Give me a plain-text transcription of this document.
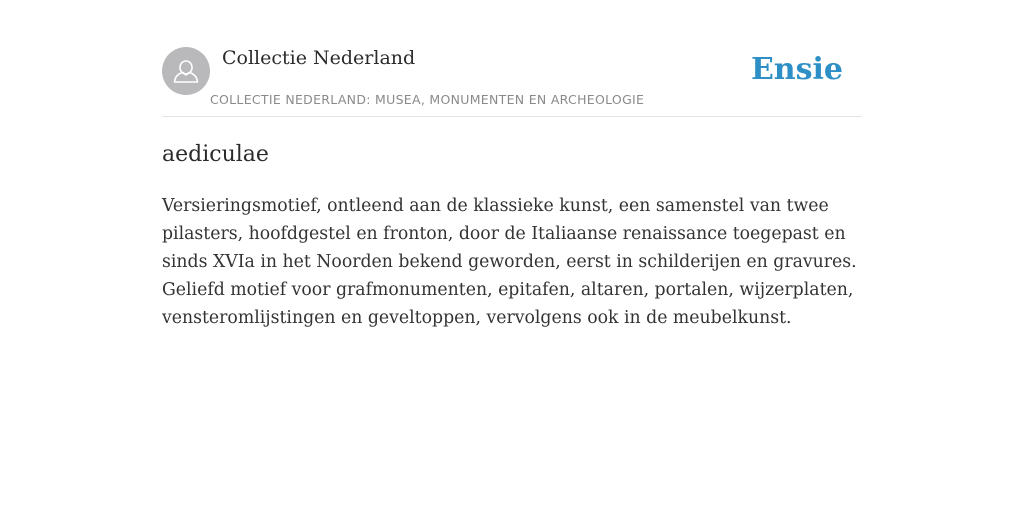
Collectie Nederland
COLLECTIE NEDERLAND: MUSEA, MONUMENTEN EN ARCHEOLOGIE
Ensie
aediculae

Versieringsmotief, ontleend aan de klassieke kunst, een samenstel van twee pilasters, hoofdgestel en fronton, door de Italiaanse renaissance toegepast en sinds XVIa in het Noorden bekend geworden, eerst in schilderijen en gravures. Geliefd motief voor grafmonumenten, epitafen, altaren, portalen, wijzerplaten, vensteromlijstingen en geveltoppen, vervolgens ook in de meubelkunst.
